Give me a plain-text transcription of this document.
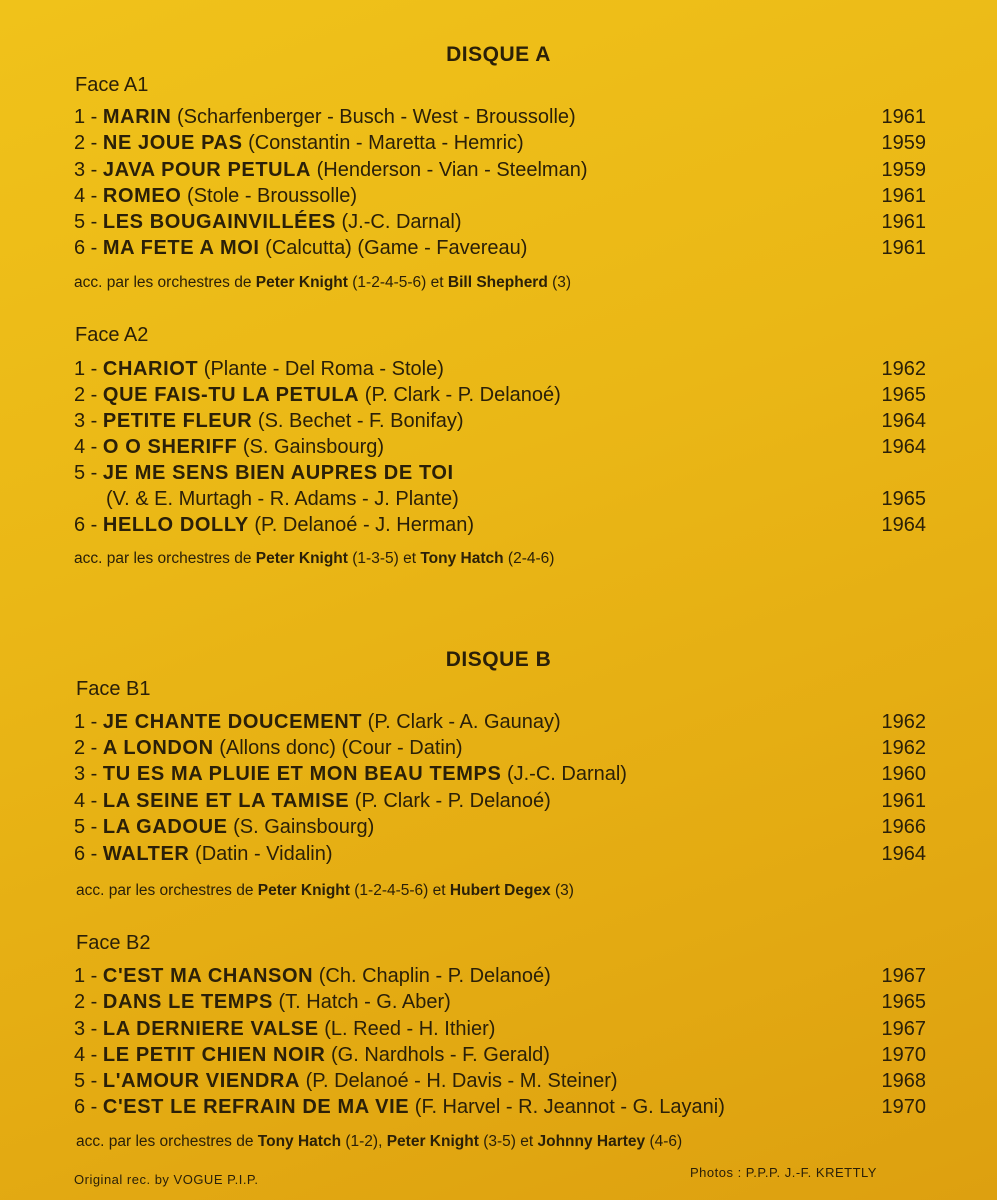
DISQUE A
Face A1
1 - MARIN (Scharfenberger - Busch - West - Broussolle)	1961
2 - NE JOUE PAS (Constantin - Maretta - Hemric)	1959
3 - JAVA POUR PETULA (Henderson - Vian - Steelman)	1959
4 - ROMEO (Stole - Broussolle)	1961
5 - LES BOUGAINVILLÉES (J.-C. Darnal)	1961
6 - MA FETE A MOI (Calcutta) (Game - Favereau)	1961
acc. par les orchestres de Peter Knight (1-2-4-5-6) et Bill Shepherd (3)
Face A2
1 - CHARIOT (Plante - Del Roma - Stole)	1962
2 - QUE FAIS-TU LA PETULA (P. Clark - P. Delanoé)	1965
3 - PETITE FLEUR (S. Bechet - F. Bonifay)	1964
4 - O O SHERIFF (S. Gainsbourg)	1964
5 - JE ME SENS BIEN AUPRES DE TOI
(V. & E. Murtagh - R. Adams - J. Plante)	1965
6 - HELLO DOLLY (P. Delanoé - J. Herman)	1964
acc. par les orchestres de Peter Knight (1-3-5) et Tony Hatch (2-4-6)
DISQUE B
Face B1
1 - JE CHANTE DOUCEMENT (P. Clark - A. Gaunay)	1962
2 - A LONDON (Allons donc) (Cour - Datin)	1962
3 - TU ES MA PLUIE ET MON BEAU TEMPS (J.-C. Darnal)	1960
4 - LA SEINE ET LA TAMISE (P. Clark - P. Delanoé)	1961
5 - LA GADOUE (S. Gainsbourg)	1966
6 - WALTER (Datin - Vidalin)	1964
acc. par les orchestres de Peter Knight (1-2-4-5-6) et Hubert Degex (3)
Face B2
1 - C'EST MA CHANSON (Ch. Chaplin - P. Delanoé)	1967
2 - DANS LE TEMPS (T. Hatch - G. Aber)	1965
3 - LA DERNIERE VALSE (L. Reed - H. Ithier)	1967
4 - LE PETIT CHIEN NOIR (G. Nardhols - F. Gerald)	1970
5 - L'AMOUR VIENDRA (P. Delanoé - H. Davis - M. Steiner)	1968
6 - C'EST LE REFRAIN DE MA VIE (F. Harvel - R. Jeannot - G. Layani)	1970
acc. par les orchestres de Tony Hatch (1-2), Peter Knight (3-5) et Johnny Hartey (4-6)
Original rec. by VOGUE P.I.P.	Photos : P.P.P. J.-F. KRETTLY
